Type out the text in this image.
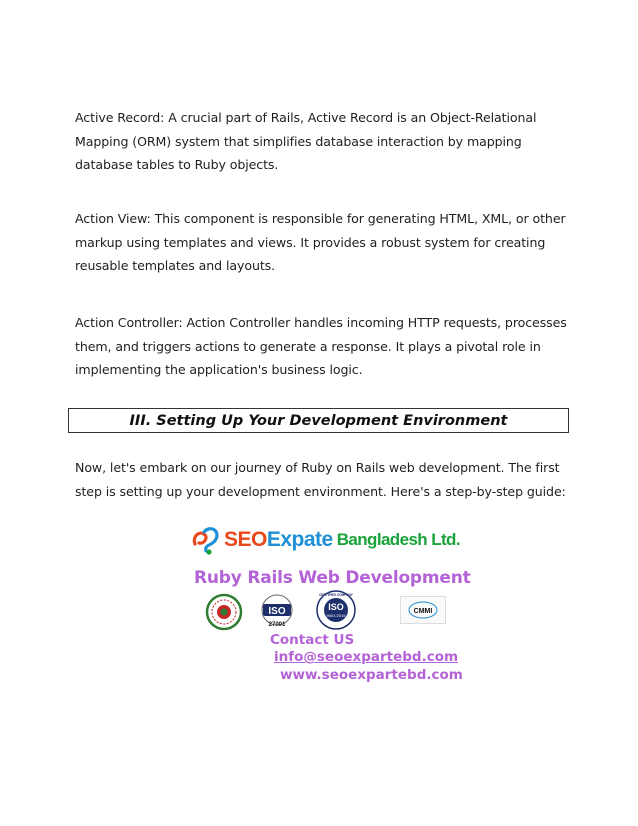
Active Record: A crucial part of Rails, Active Record is an Object-Relational Mapping (ORM) system that simplifies database interaction by mapping database tables to Ruby objects.

Action View: This component is responsible for generating HTML, XML, or other markup using templates and views. It provides a robust system for creating reusable templates and layouts.

Action Controller: Action Controller handles incoming HTTP requests, processes them, and triggers actions to generate a response. It plays a pivotal role in implementing the application's business logic.

III. Setting Up Your Development Environment

Now, let's embark on our journey of Ruby on Rails web development. The first step is setting up your development environment. Here's a step-by-step guide:

SEO Expate Bangladesh Ltd.
Ruby Rails Web Development
ISO
27001
ISO
9001:2015
CERTIFIED COMPANY
CMMI
Contact US
info@seoexpartebd.com
www.seoexpartebd.com
